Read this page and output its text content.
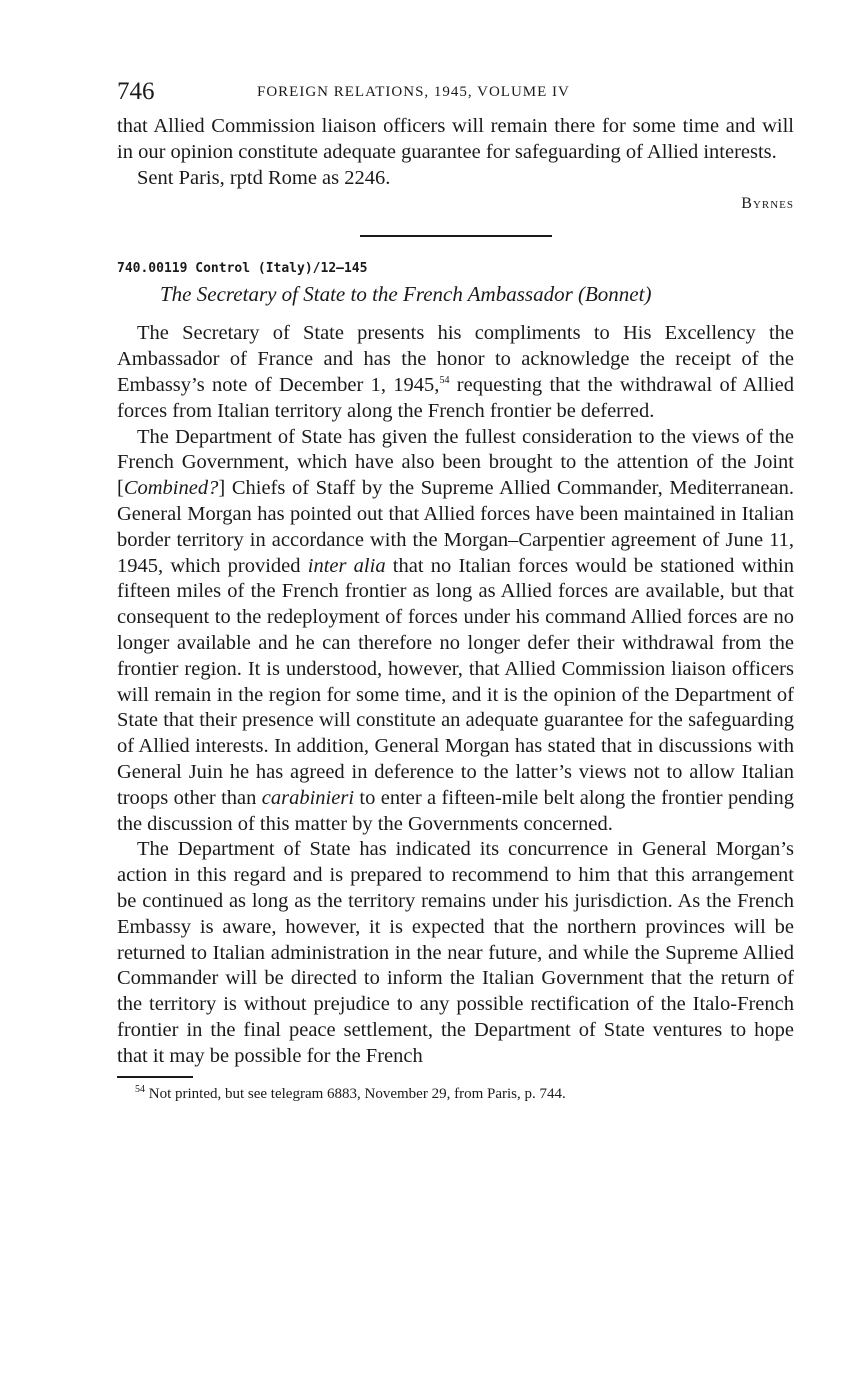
746	FOREIGN RELATIONS, 1945, VOLUME IV

that Allied Commission liaison officers will remain there for some time and will in our opinion constitute adequate guarantee for safeguarding of Allied interests.

Sent Paris, rptd Rome as 2246.

Byrnes

740.00119 Control (Italy)/12–145
The Secretary of State to the French Ambassador (Bonnet)

The Secretary of State presents his compliments to His Excellency the Ambassador of France and has the honor to acknowledge the receipt of the Embassy’s note of December 1, 1945,54 requesting that the withdrawal of Allied forces from Italian territory along the French frontier be deferred.

The Department of State has given the fullest consideration to the views of the French Government, which have also been brought to the attention of the Joint [Combined?] Chiefs of Staff by the Supreme Allied Commander, Mediterranean. General Morgan has pointed out that Allied forces have been maintained in Italian border territory in accordance with the Morgan–Carpentier agreement of June 11, 1945, which provided inter alia that no Italian forces would be stationed within fifteen miles of the French frontier as long as Allied forces are available, but that consequent to the redeployment of forces under his command Allied forces are no longer available and he can therefore no longer defer their withdrawal from the frontier region. It is understood, however, that Allied Commission liaison officers will remain in the region for some time, and it is the opinion of the Department of State that their presence will constitute an adequate guarantee for the safeguarding of Allied interests. In addition, General Morgan has stated that in discussions with General Juin he has agreed in deference to the latter’s views not to allow Italian troops other than carabinieri to enter a fifteen-mile belt along the frontier pending the discussion of this matter by the Governments concerned.

The Department of State has indicated its concurrence in General Morgan’s action in this regard and is prepared to recommend to him that this arrangement be continued as long as the territory remains under his jurisdiction. As the French Embassy is aware, however, it is expected that the northern provinces will be returned to Italian administration in the near future, and while the Supreme Allied Commander will be directed to inform the Italian Government that the return of the territory is without prejudice to any possible rectification of the Italo-French frontier in the final peace settlement, the Department of State ventures to hope that it may be possible for the French

$^{54}$ Not printed, but see telegram 6883, November 29, from Paris, p. 744.
